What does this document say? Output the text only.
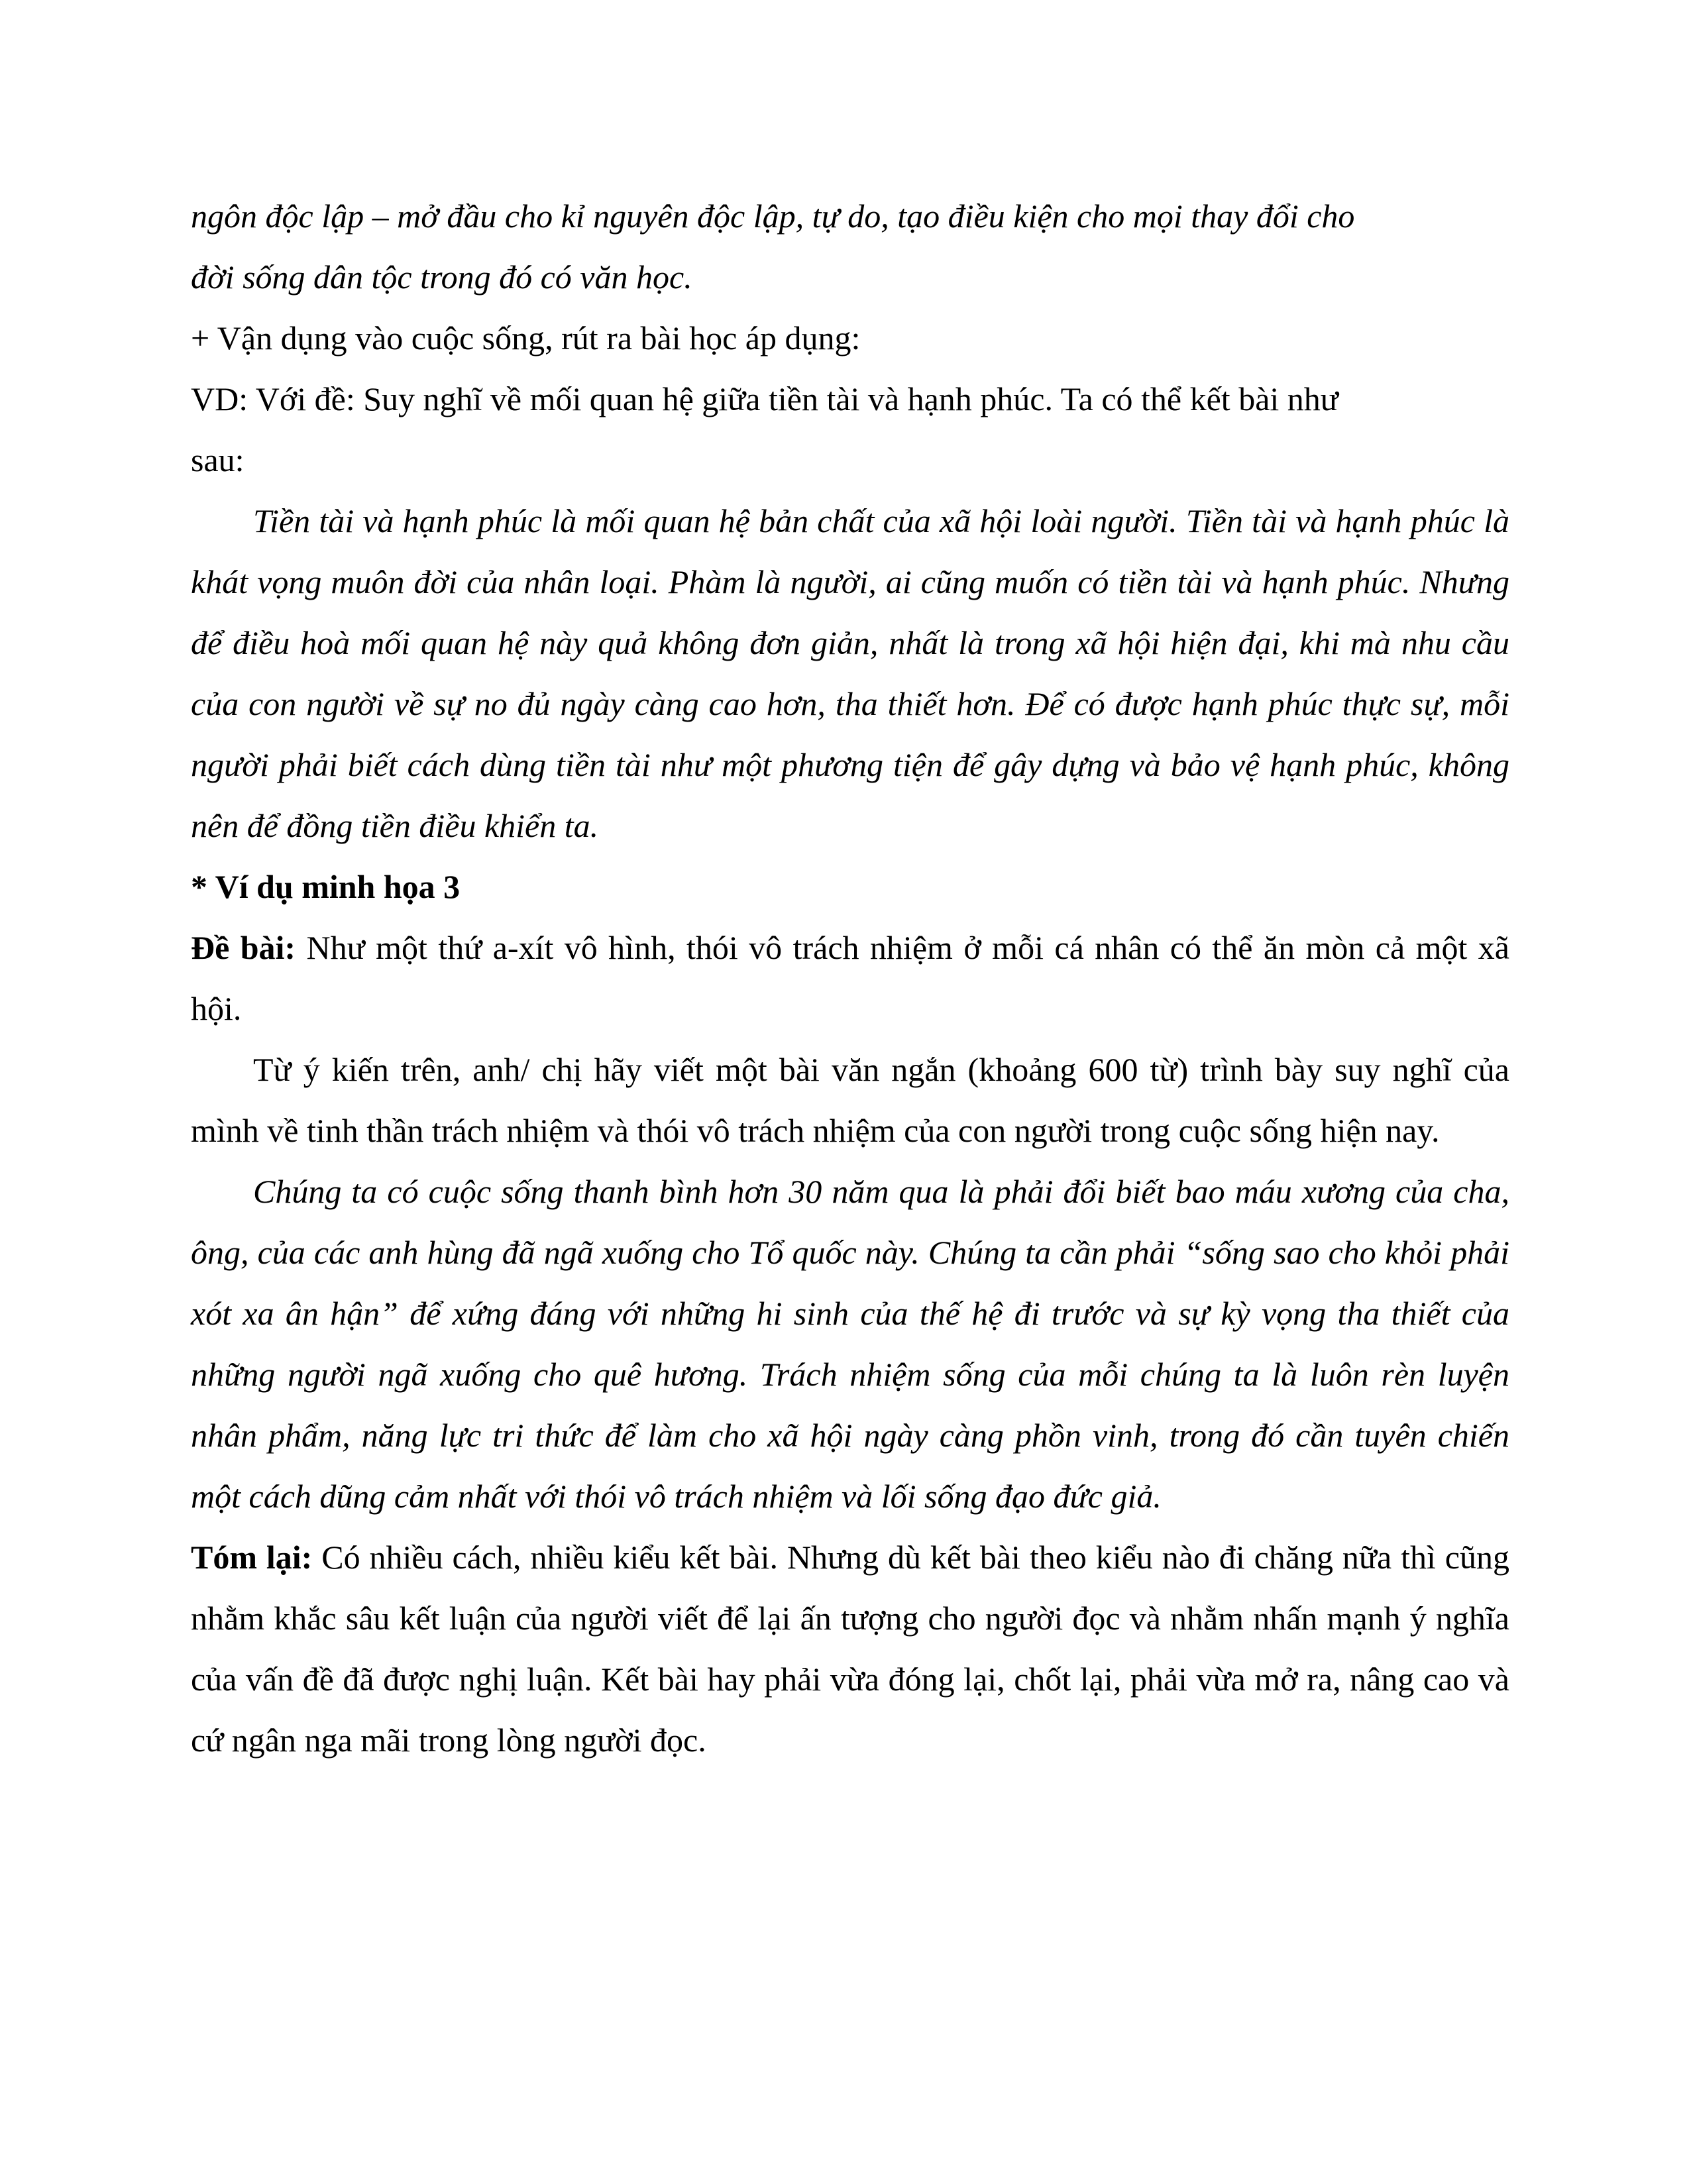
ngôn độc lập – mở đầu cho kỉ nguyên độc lập, tự do, tạo điều kiện cho mọi thay đổi cho

đời sống dân tộc trong đó có văn học.

+ Vận dụng vào cuộc sống, rút ra bài học áp dụng:

VD: Với đề: Suy nghĩ về mối quan hệ giữa tiền tài và hạnh phúc. Ta có thể kết bài như

sau:

Tiền tài và hạnh phúc là mối quan hệ bản chất của xã hội loài người. Tiền tài và hạnh phúc là khát vọng muôn đời của nhân loại. Phàm là người, ai cũng muốn có tiền tài và hạnh phúc. Nhưng để điều hoà mối quan hệ này quả không đơn giản, nhất là trong xã hội hiện đại, khi mà nhu cầu của con người về sự no đủ ngày càng cao hơn, tha thiết hơn. Để có được hạnh phúc thực sự, mỗi người phải biết cách dùng tiền tài như một phương tiện để gây dựng và bảo vệ hạnh phúc, không nên để đồng tiền điều khiển ta.

* Ví dụ minh họa 3

Đề bài: Như một thứ a-xít vô hình, thói vô trách nhiệm ở mỗi cá nhân có thể ăn mòn cả một xã hội.

Từ ý kiến trên, anh/ chị hãy viết một bài văn ngắn (khoảng 600 từ) trình bày suy nghĩ của mình về tinh thần trách nhiệm và thói vô trách nhiệm của con người trong cuộc sống hiện nay.

Chúng ta có cuộc sống thanh bình hơn 30 năm qua là phải đổi biết bao máu xương của cha, ông, của các anh hùng đã ngã xuống cho Tổ quốc này. Chúng ta cần phải “sống sao cho khỏi phải xót xa ân hận” để xứng đáng với những hi sinh của thế hệ đi trước và sự kỳ vọng tha thiết của những người ngã xuống cho quê hương. Trách nhiệm sống của mỗi chúng ta là luôn rèn luyện nhân phẩm, năng lực tri thức để làm cho xã hội ngày càng phồn vinh, trong đó cần tuyên chiến một cách dũng cảm nhất với thói vô trách nhiệm và lối sống đạo đức giả.

Tóm lại: Có nhiều cách, nhiều kiểu kết bài. Nhưng dù kết bài theo kiểu nào đi chăng nữa thì cũng nhằm khắc sâu kết luận của người viết để lại ấn tượng cho người đọc và nhằm nhấn mạnh ý nghĩa của vấn đề đã được nghị luận. Kết bài hay phải vừa đóng lại, chốt lại, phải vừa mở ra, nâng cao và cứ ngân nga mãi trong lòng người đọc.
